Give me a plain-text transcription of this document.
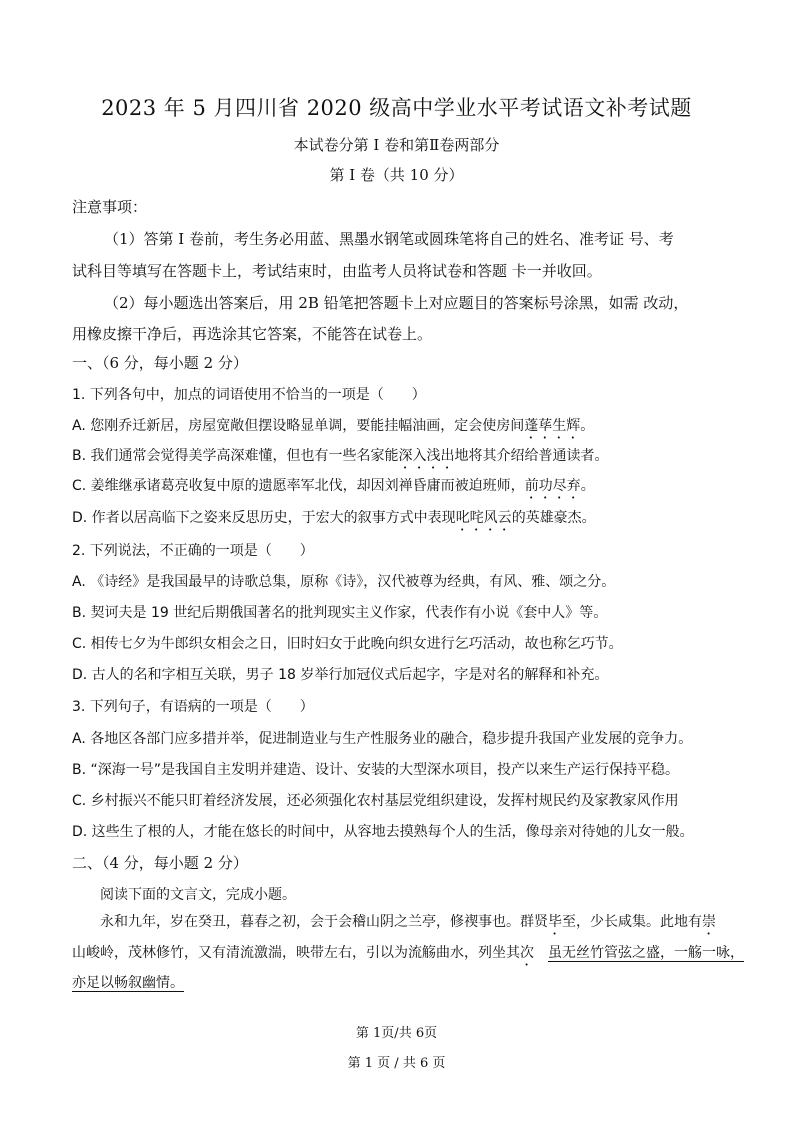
2023 年 5 月四川省 2020 级高中学业水平考试语文补考试题
本试卷分第 I 卷和第Ⅱ卷两部分
第 I 卷（共 10 分）
注意事项：
（1）答第 I 卷前，考生务必用蓝、黑墨水钢笔或圆珠笔将自己的姓名、准考证 号、考
试科目等填写在答题卡上，考试结束时，由监考人员将试卷和答题 卡一并收回。
（2）每小题选出答案后，用 2B 铅笔把答题卡上对应题目的答案标号涂黑，如需 改动，
用橡皮擦干净后，再选涂其它答案，不能答在试卷上。
一、（6 分，每小题 2 分）
1. 下列各句中，加点的词语使用不恰当的一项是（　　）
A. 您刚乔迁新居，房屋宽敞但摆设略显单调，要能挂幅油画，定会使房间蓬荜生辉。
B. 我们通常会觉得美学高深难懂，但也有一些名家能深入浅出地将其介绍给普通读者。
C. 姜维继承诸葛亮收复中原的遗愿率军北伐，却因刘禅昏庸而被迫班师，前功尽弃。
D. 作者以居高临下之姿来反思历史，于宏大的叙事方式中表现叱咤风云的英雄豪杰。
2. 下列说法，不正确的一项是（　　）
A. 《诗经》是我国最早的诗歌总集，原称《诗》，汉代被尊为经典，有风、雅、颂之分。
B. 契诃夫是 19 世纪后期俄国著名的批判现实主义作家，代表作有小说《套中人》等。
C. 相传七夕为牛郎织女相会之日，旧时妇女于此晚向织女进行乞巧活动，故也称乞巧节。
D. 古人的名和字相互关联，男子 18 岁举行加冠仪式后起字，字是对名的解释和补充。
3. 下列句子，有语病的一项是（　　）
A. 各地区各部门应多措并举，促进制造业与生产性服务业的融合，稳步提升我国产业发展的竞争力。
B. “深海一号”是我国自主发明并建造、设计、安装的大型深水项目，投产以来生产运行保持平稳。
C. 乡村振兴不能只盯着经济发展，还必须强化农村基层党组织建设，发挥村规民约及家教家风作用
D. 这些生了根的人，才能在悠长的时间中，从容地去摸熟每个人的生活，像母亲对待她的儿女一般。
二、（4 分，每小题 2 分）
阅读下面的文言文，完成小题。
永和九年，岁在癸丑，暮春之初，会于会稽山阴之兰亭，修禊事也。群贤毕至，少长咸集。此地有崇
山峻岭，茂林修竹，又有清流激湍，映带左右，引以为流觞曲水，列坐其次　 虽无丝竹管弦之盛，一觞一咏，
亦足以畅叙幽情。
第 1页/共 6页
第 1 页 / 共 6 页
